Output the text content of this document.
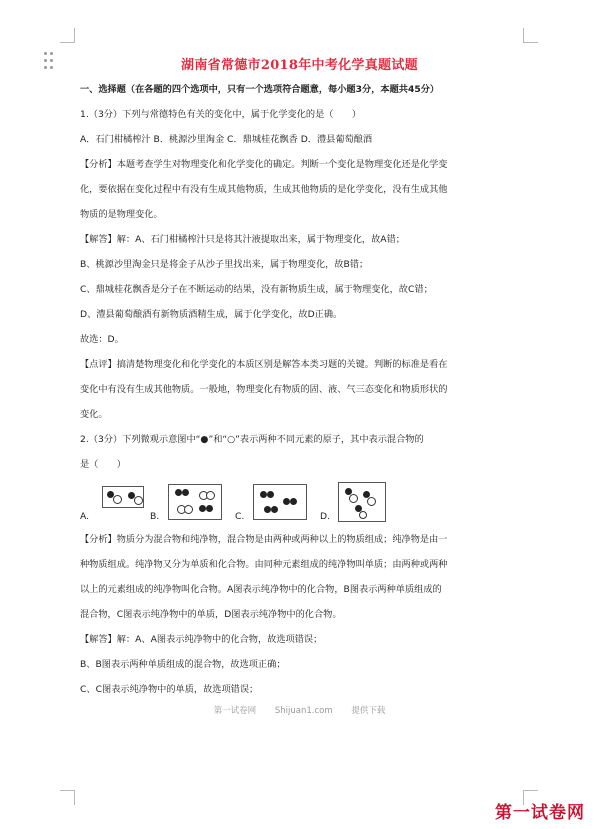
湖南省常德市2018年中考化学真题试题
一、选择题（在各题的四个选项中，只有一个选项符合题意，每小题3分，本题共45分）
1.（3分）下列与常德特色有关的变化中，属于化学变化的是（　　）
A．石门柑橘榨汁 B．桃源沙里淘金 C．鼎城桂花飘香 D．澧县葡萄酿酒
【分析】本题考查学生对物理变化和化学变化的确定。判断一个变化是物理变化还是化学变
化，要依据在变化过程中有没有生成其他物质，生成其他物质的是化学变化，没有生成其他
物质的是物理变化。
【解答】解：A、石门柑橘榨汁只是将其汁液提取出来，属于物理变化，故A错；
B、桃源沙里淘金只是将金子从沙子里找出来，属于物理变化，故B错；
C、鼎城桂花飘香是分子在不断运动的结果，没有新物质生成，属于物理变化，故C错；
D、澧县葡萄酿酒有新物质酒精生成，属于化学变化，故D正确。
故选：D。
【点评】搞清楚物理变化和化学变化的本质区别是解答本类习题的关键。判断的标准是看在
变化中有没有生成其他物质。一般地，物理变化有物质的固、液、气三态变化和物质形状的
变化。
2.（3分）下列微观示意图中“●”和“○”表示两种不同元素的原子，其中表示混合物的
是（　　）
A.	B.	C.	D.
【分析】物质分为混合物和纯净物，混合物是由两种或两种以上的物质组成；纯净物是由一
种物质组成。纯净物又分为单质和化合物。由同种元素组成的纯净物叫单质；由两种或两种
以上的元素组成的纯净物叫化合物。A图表示纯净物中的化合物，B图表示两种单质组成的
混合物，C图表示纯净物中的单质，D图表示纯净物中的化合物。
【解答】解：A、A图表示纯净物中的化合物，故选项错误；
B、B图表示两种单质组成的混合物，故选项正确；
C、C图表示纯净物中的单质，故选项错误；
第一试卷网 Shijuan1.com 提供下载
第一试卷网
